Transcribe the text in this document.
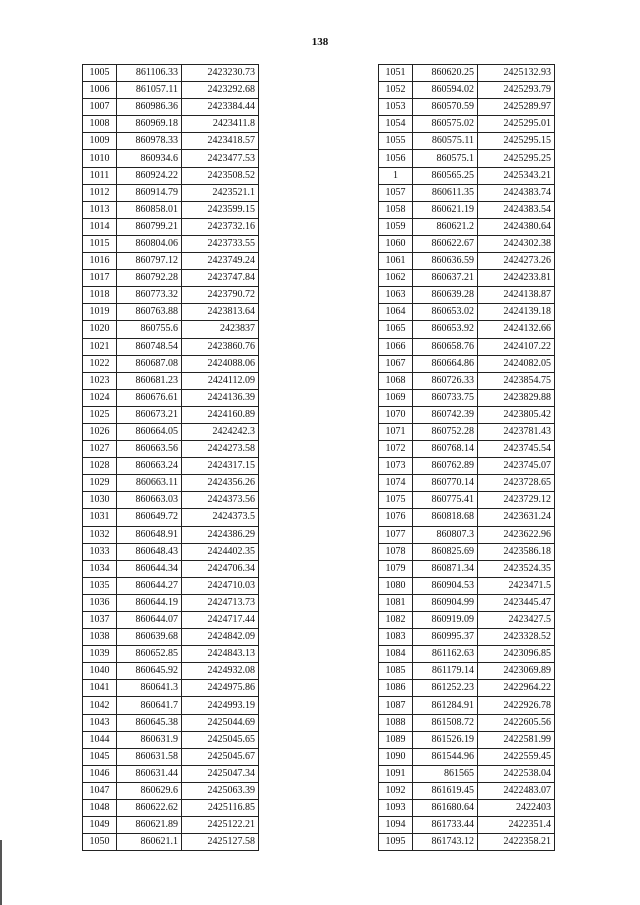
138
1005	861106.33	2423230.73
1006	861057.11	2423292.68
1007	860986.36	2423384.44
1008	860969.18	2423411.8
1009	860978.33	2423418.57
1010	860934.6	2423477.53
1011	860924.22	2423508.52
1012	860914.79	2423521.1
1013	860858.01	2423599.15
1014	860799.21	2423732.16
1015	860804.06	2423733.55
1016	860797.12	2423749.24
1017	860792.28	2423747.84
1018	860773.32	2423790.72
1019	860763.88	2423813.64
1020	860755.6	2423837
1021	860748.54	2423860.76
1022	860687.08	2424088.06
1023	860681.23	2424112.09
1024	860676.61	2424136.39
1025	860673.21	2424160.89
1026	860664.05	2424242.3
1027	860663.56	2424273.58
1028	860663.24	2424317.15
1029	860663.11	2424356.26
1030	860663.03	2424373.56
1031	860649.72	2424373.5
1032	860648.91	2424386.29
1033	860648.43	2424402.35
1034	860644.34	2424706.34
1035	860644.27	2424710.03
1036	860644.19	2424713.73
1037	860644.07	2424717.44
1038	860639.68	2424842.09
1039	860652.85	2424843.13
1040	860645.92	2424932.08
1041	860641.3	2424975.86
1042	860641.7	2424993.19
1043	860645.38	2425044.69
1044	860631.9	2425045.65
1045	860631.58	2425045.67
1046	860631.44	2425047.34
1047	860629.6	2425063.39
1048	860622.62	2425116.85
1049	860621.89	2425122.21
1050	860621.1	2425127.58
1051	860620.25	2425132.93
1052	860594.02	2425293.79
1053	860570.59	2425289.97
1054	860575.02	2425295.01
1055	860575.11	2425295.15
1056	860575.1	2425295.25
1	860565.25	2425343.21
1057	860611.35	2424383.74
1058	860621.19	2424383.54
1059	860621.2	2424380.64
1060	860622.67	2424302.38
1061	860636.59	2424273.26
1062	860637.21	2424233.81
1063	860639.28	2424138.87
1064	860653.02	2424139.18
1065	860653.92	2424132.66
1066	860658.76	2424107.22
1067	860664.86	2424082.05
1068	860726.33	2423854.75
1069	860733.75	2423829.88
1070	860742.39	2423805.42
1071	860752.28	2423781.43
1072	860768.14	2423745.54
1073	860762.89	2423745.07
1074	860770.14	2423728.65
1075	860775.41	2423729.12
1076	860818.68	2423631.24
1077	860807.3	2423622.96
1078	860825.69	2423586.18
1079	860871.34	2423524.35
1080	860904.53	2423471.5
1081	860904.99	2423445.47
1082	860919.09	2423427.5
1083	860995.37	2423328.52
1084	861162.63	2423096.85
1085	861179.14	2423069.89
1086	861252.23	2422964.22
1087	861284.91	2422926.78
1088	861508.72	2422605.56
1089	861526.19	2422581.99
1090	861544.96	2422559.45
1091	861565	2422538.04
1092	861619.45	2422483.07
1093	861680.64	2422403
1094	861733.44	2422351.4
1095	861743.12	2422358.21
